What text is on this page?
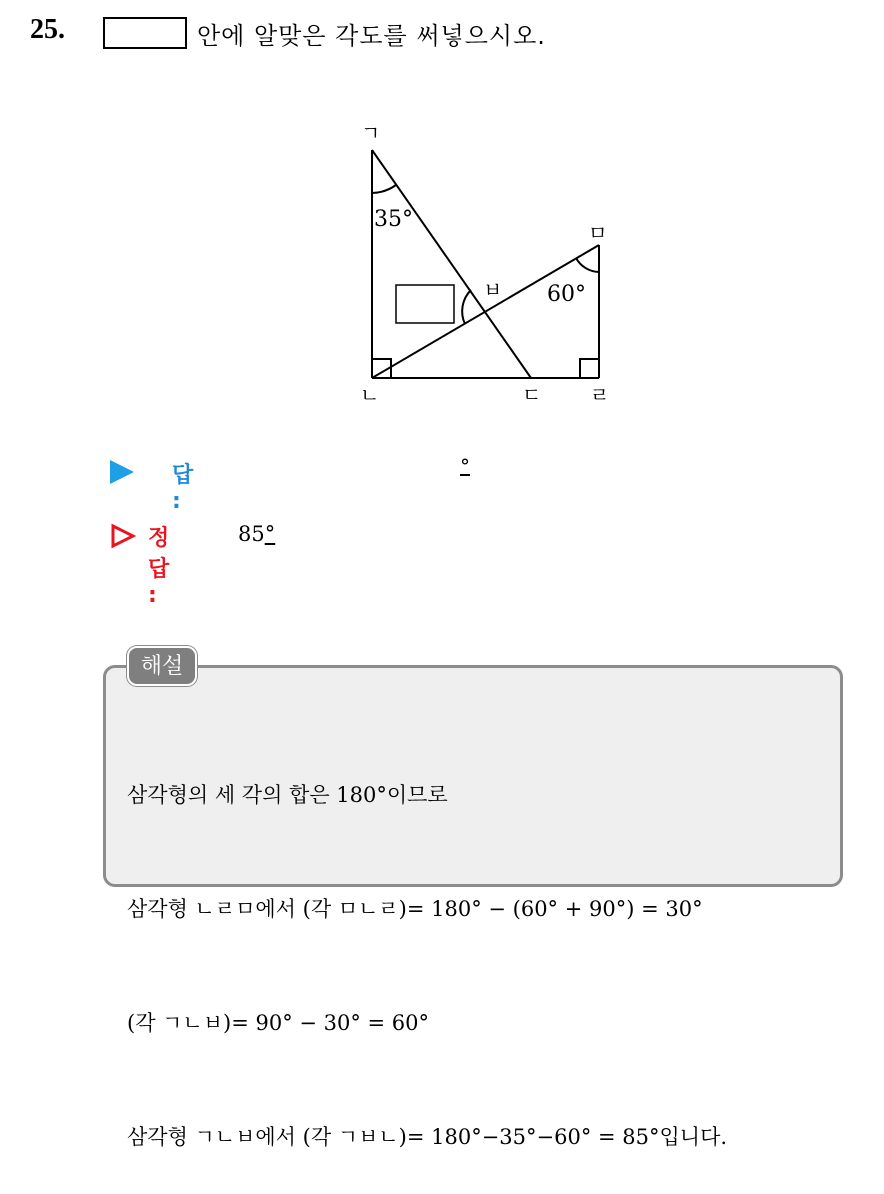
25.	안에 알맞은 각도를 써넣으시오.
ㄱ
ㄴ	ㄷ ㄹ
ㅁ
ㅂ
35°
60°
답 :
°
정답 :
85°
해설

삼각형의 세 각의 합은 180°이므로

삼각형 ㄴㄹㅁ에서 (각 ㅁㄴㄹ)= 180° − (60° + 90°) = 30°

(각 ㄱㄴㅂ)= 90° − 30° = 60°

삼각형 ㄱㄴㅂ에서 (각 ㄱㅂㄴ)= 180°−35°−60° = 85°입니다.
